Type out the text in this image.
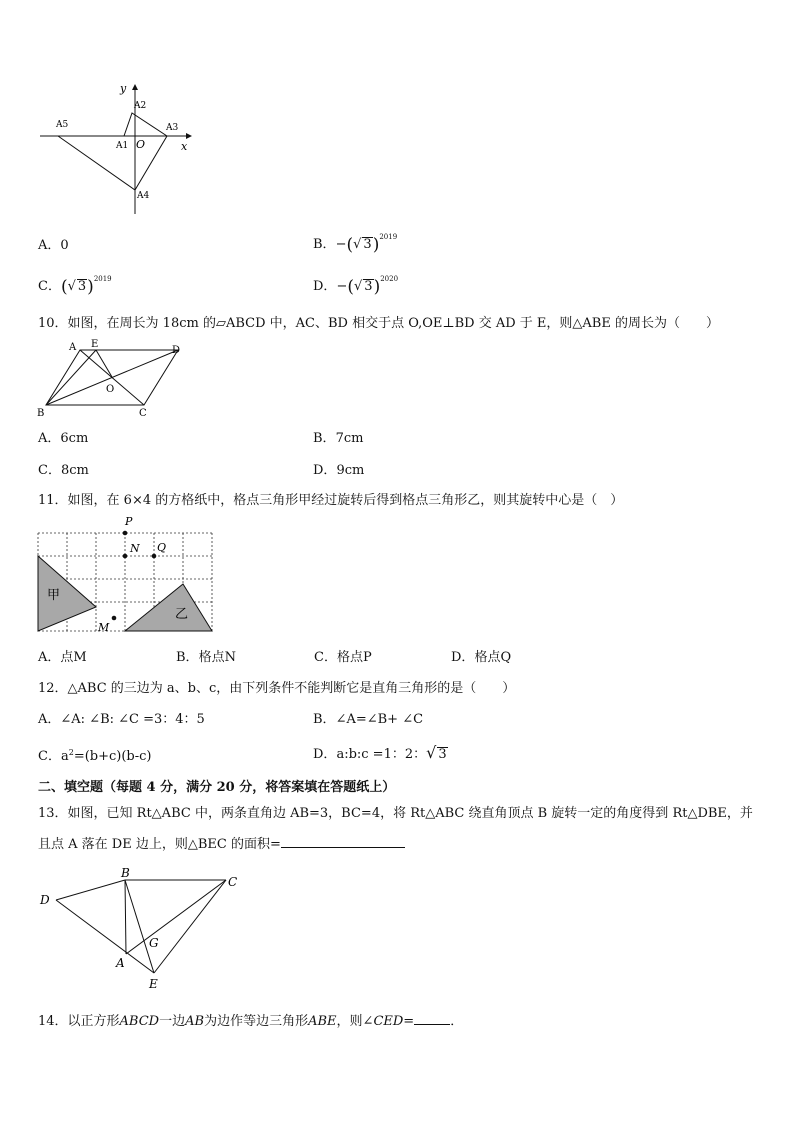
y
x
O
A1
A2
A3
A4
A5
A．0	B．−(√ 3)$^{2019}$
C．(√ 3)$^{2019}$	D．−(√ 3)$^{2020}$
10．如图，在周长为 18cm 的▱ABCD 中，AC、BD 相交于点 O,OE⊥BD 交 AD 于 E，则△ABE 的周长为（　　）
A E
D
O
B	C
A．6cm	B．7cm
C．8cm	D．9cm
11．如图，在 6×4 的方格纸中，格点三角形甲经过旋转后得到格点三角形乙，则其旋转中心是（　）
P
N Q
M
甲
乙
A．点M	B．格点N	C．格点P	D．格点Q
12．△ABC 的三边为 a、b、c，由下列条件不能判断它是直角三角形的是（　　）
A．∠A: ∠B: ∠C =3：4：5	B．∠A=∠B+ ∠C
C．$a^2=(b+c)(b-c)$	D．a:b:c =1：2：√ 3
二、填空题（每题 4 分，满分 20 分，将答案填在答题纸上）
13．如图，已知 Rt△ABC 中，两条直角边 AB=3，BC=4，将 Rt△ABC 绕直角顶点 B 旋转一定的角度得到 Rt△DBE，并
且点 A 落在 DE 边上，则△BEC 的面积=
B
C
D
G
A
E
14．以正方形ABCD一边AB为边作等边三角形ABE，则∠CED=	．
